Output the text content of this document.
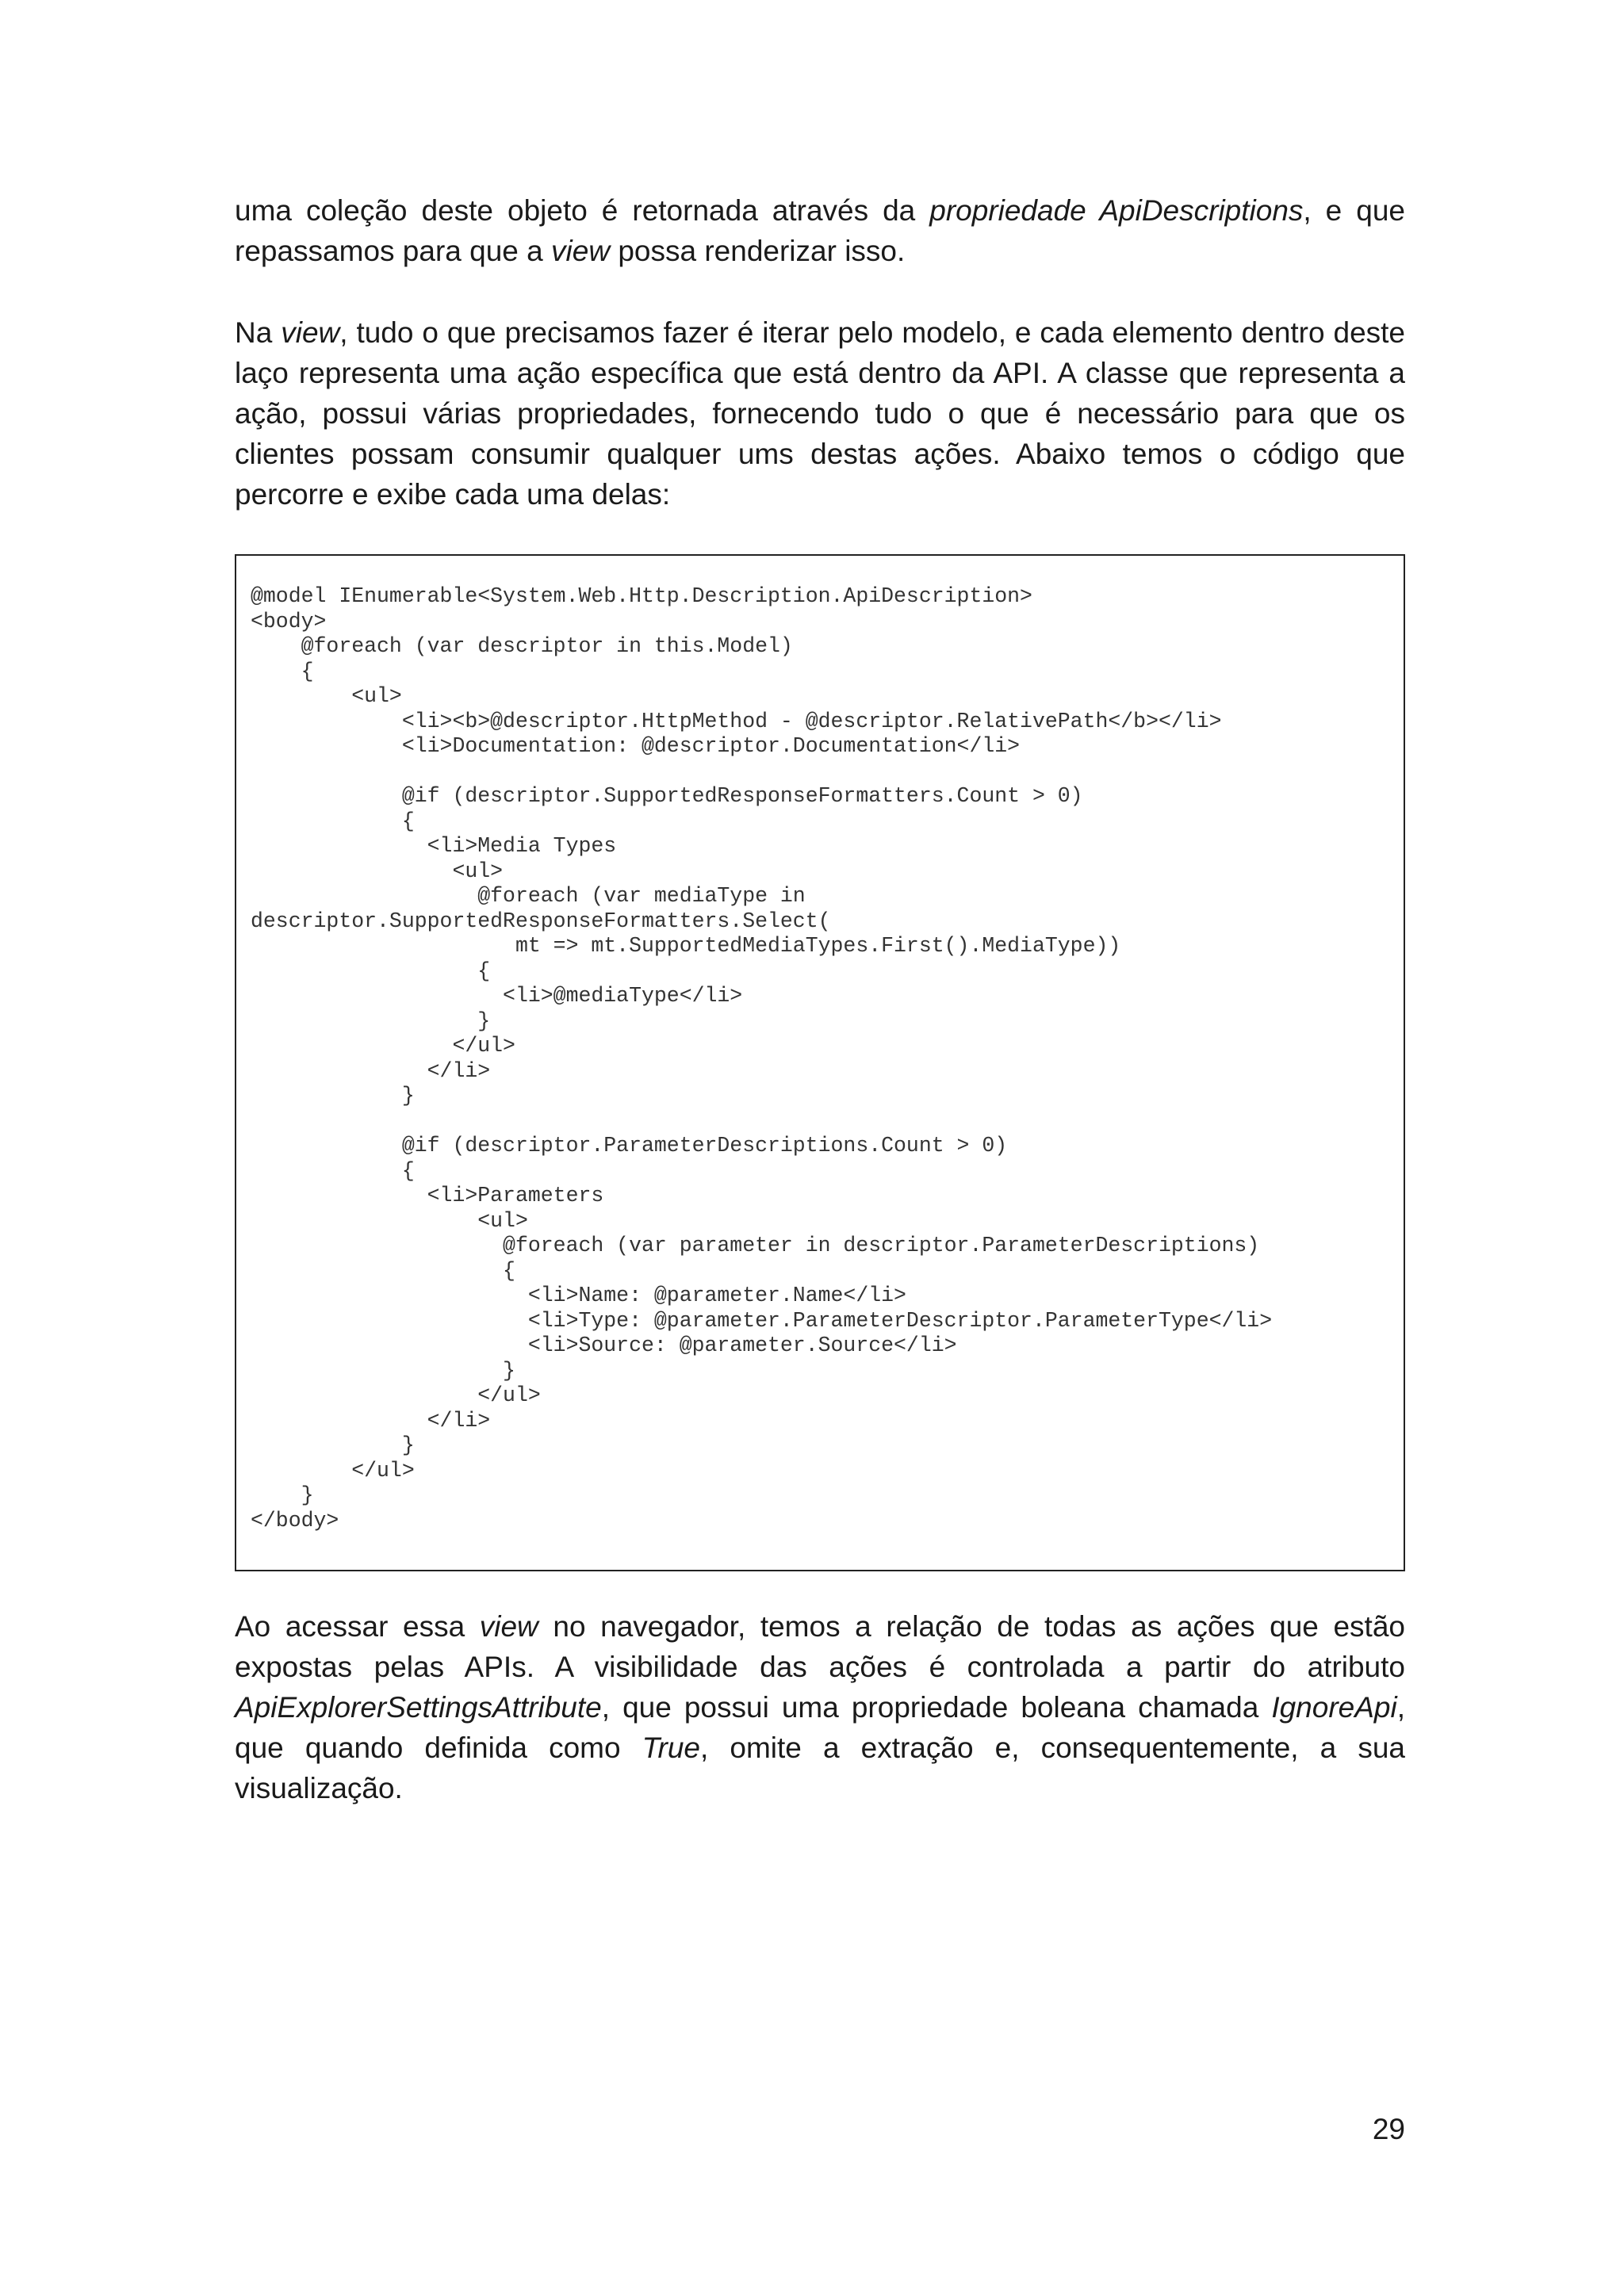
uma coleção deste objeto é retornada através da propriedade ApiDescriptions, e que repassamos para que a view possa renderizar isso.

Na view, tudo o que precisamos fazer é iterar pelo modelo, e cada elemento dentro deste laço representa uma ação específica que está dentro da API. A classe que representa a ação, possui várias propriedades, fornecendo tudo o que é necessário para que os clientes possam consumir qualquer ums destas ações. Abaixo temos o código que percorre e exibe cada uma delas:

@model IEnumerable<System.Web.Http.Description.ApiDescription>
<body>
@foreach (var descriptor in this.Model)
{
<ul>
<li><b>@descriptor.HttpMethod - @descriptor.RelativePath</b></li>
<li>Documentation: @descriptor.Documentation</li>

@if (descriptor.SupportedResponseFormatters.Count > 0)
{
<li>Media Types
<ul>
@foreach (var mediaType in
descriptor.SupportedResponseFormatters.Select(
mt => mt.SupportedMediaTypes.First().MediaType))
{
<li>@mediaType</li>
}
</ul>
</li>
}

@if (descriptor.ParameterDescriptions.Count > 0)
{
<li>Parameters
<ul>
@foreach (var parameter in descriptor.ParameterDescriptions)
{
<li>Name: @parameter.Name</li>
<li>Type: @parameter.ParameterDescriptor.ParameterType</li>
<li>Source: @parameter.Source</li>
}
</ul>
</li>
}
</ul>
}
</body>

Ao acessar essa view no navegador, temos a relação de todas as ações que estão expostas pelas APIs. A visibilidade das ações é controlada a partir do atributo ApiExplorerSettingsAttribute, que possui uma propriedade boleana chamada IgnoreApi, que quando definida como True, omite a extração e, consequentemente, a sua visualização.

29
